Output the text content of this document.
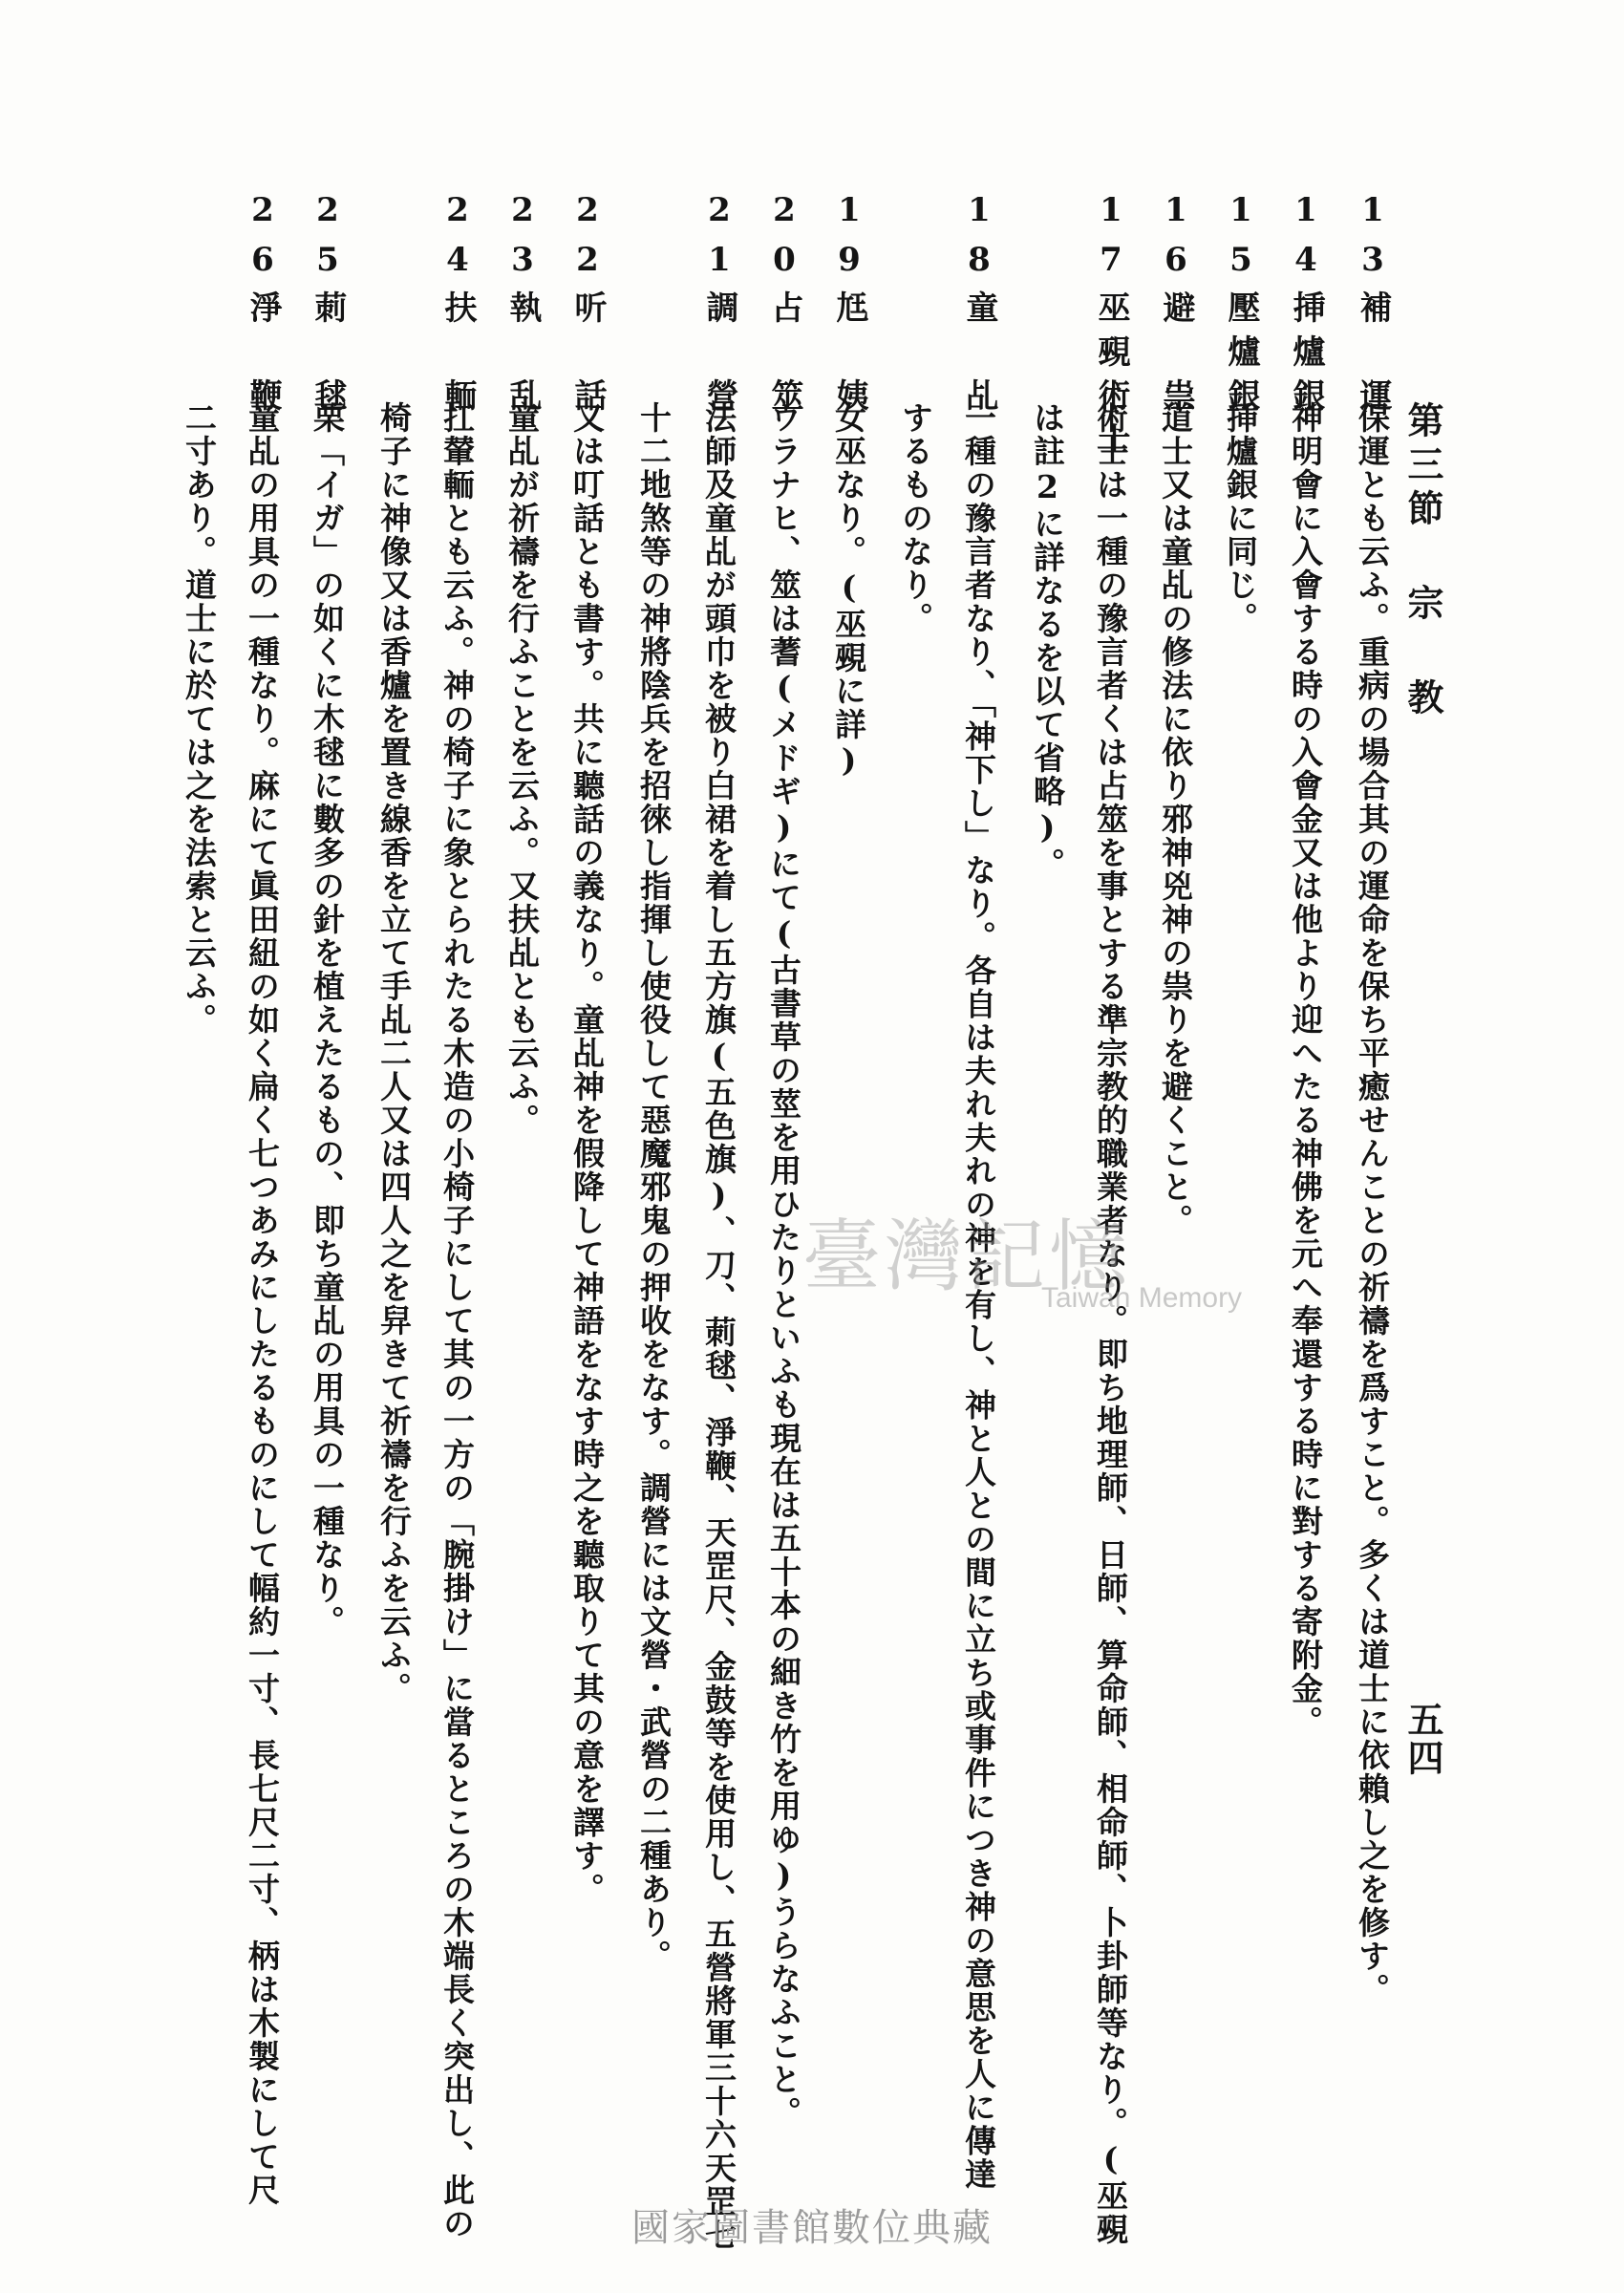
第三節 宗 教
五四
13補　運
保運とも云ふ。重病の場合其の運命を保ち平癒せんことの祈禱を爲すこと。多くは道士に依賴し之を修す。
14挿爐銀
神明會に入會する時の入會金又は他より迎へたる神佛を元へ奉還する時に對する寄附金。
15壓爐銀
挿爐銀に同じ。
16避　祟
道士又は童乩の修法に依り邪神兇神の祟りを避くこと。
17巫覡術士
術士は一種の豫言者くは占筮を事とする準宗教的職業者なり。即ち地理師、日師、算命師、相命師、卜卦師等なり。(巫覡
は註2に詳なるを以て省略)。
18童　乩
一種の豫言者なり、「神下し」なり。各自は夫れ夫れの神を有し、神と人との間に立ち或事件につき神の意思を人に傳達
するものなり。
19尪　姨
女巫なり。(巫覡に詳)
20占　筮
ウラナヒ、筮は蓍(メドギ)にて(古書草の莖を用ひたりといふも現在は五十本の細き竹を用ゆ)うらなふこと。
21調　營
法師及童乩が頭巾を被り白裙を着し五方旗(五色旗)、刀、莿毬、淨鞭、天罡尺、金鼓等を使用し、五營將軍三十六天罡七
十二地煞等の神將陰兵を招徠し指揮し使役して惡魔邪鬼の押收をなす。調營には文營・武營の二種あり。
22听　話
又は叮話とも書す。共に聽話の義なり。童乩神を假降して神語をなす時之を聽取りて其の意を譯す。
23執　乱
童乩が祈禱を行ふことを云ふ。又扶乩とも云ふ。
24扶　輀
扛輦輀とも云ふ。神の椅子に象とられたる木造の小椅子にして其の一方の「腕掛け」に當るところの木端長く突出し、此の
椅子に神像又は香爐を置き線香を立て手乩二人又は四人之を舁きて祈禱を行ふを云ふ。
25莿　毬
栗「イガ」の如くに木毬に數多の針を植えたるもの、即ち童乩の用具の一種なり。
26淨　鞭
童乩の用具の一種なり。麻にて眞田紐の如く扁く七つあみにしたるものにして幅約一寸、長七尺二寸、柄は木製にして尺
二寸あり。道士に於ては之を法索と云ふ。
臺灣記憶
Taiwan Memory
國家圖書館數位典藏
